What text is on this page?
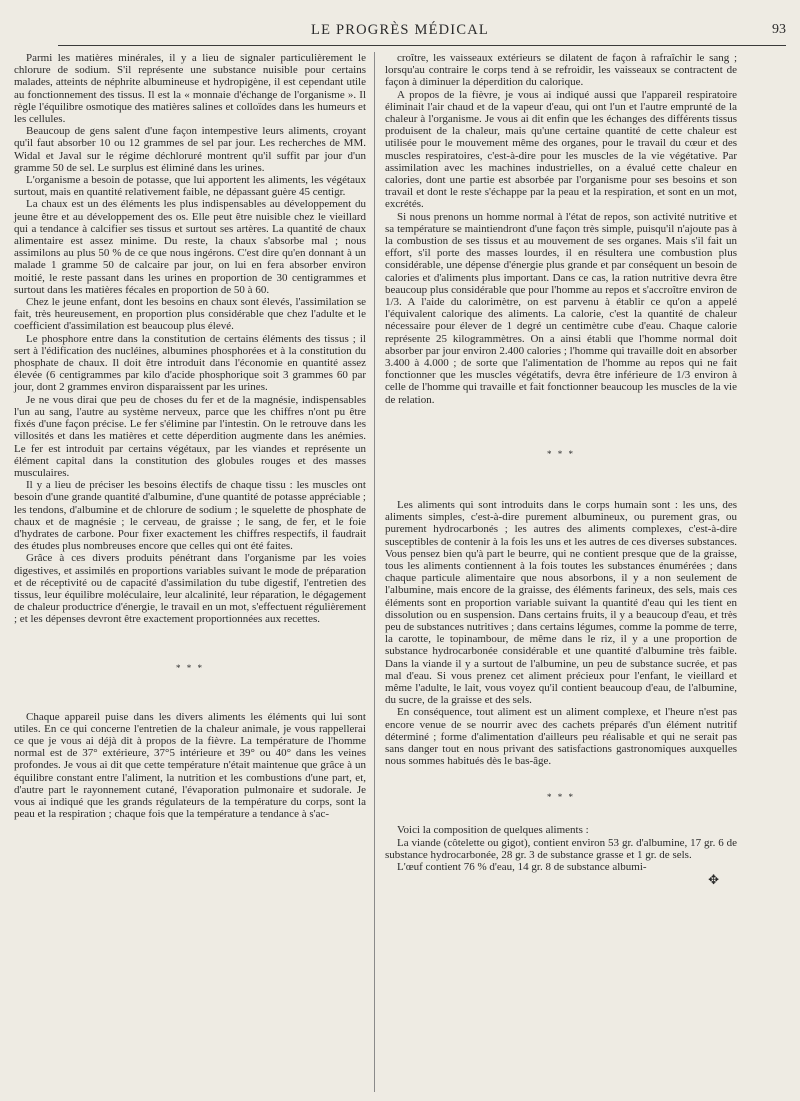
LE PROGRÈS MÉDICAL	93

Parmi les matières minérales, il y a lieu de signaler particulièrement le chlorure de sodium. S'il représente une substance nuisible pour certains malades, atteints de néphrite albumineuse et hydropigène, il est cependant utile au fonctionnement des tissus. Il est la « monnaie d'échange de l'organisme ». Il règle l'équilibre osmotique des matières salines et colloïdes dans les humeurs et les cellules.

Beaucoup de gens salent d'une façon intempestive leurs aliments, croyant qu'il faut absorber 10 ou 12 grammes de sel par jour. Les recherches de MM. Widal et Javal sur le régime déchloruré montrent qu'il suffit par jour d'un gramme 50 de sel. Le surplus est éliminé dans les urines.

L'organisme a besoin de potasse, que lui apportent les aliments, les végétaux surtout, mais en quantité relativement faible, ne dépassant guère 45 centigr.

La chaux est un des éléments les plus indispensables au développement du jeune être et au développement des os. Elle peut être nuisible chez le vieillard qui a tendance à calcifier ses tissus et surtout ses artères. La quantité de chaux alimentaire est assez minime. Du reste, la chaux s'absorbe mal ; nous assimilons au plus 50 % de ce que nous ingérons. C'est dire qu'en donnant à un malade 1 gramme 50 de calcaire par jour, on lui en fera absorber environ moitié, le reste passant dans les urines en proportion de 30 centigrammes et surtout dans les matières fécales en proportion de 50 à 60.

Chez le jeune enfant, dont les besoins en chaux sont élevés, l'assimilation se fait, très heureusement, en proportion plus considérable que chez l'adulte et le coefficient d'assimilation est beaucoup plus élevé.

Le phosphore entre dans la constitution de certains éléments des tissus ; il sert à l'édification des nucléines, albumines phosphorées et à la constitution du phosphate de chaux. Il doit être introduit dans l'économie en quantité assez élevée (6 centigrammes par kilo d'acide phosphorique soit 3 grammes 60 par jour, dont 2 grammes environ disparaissent par les urines.

Je ne vous dirai que peu de choses du fer et de la magnésie, indispensables l'un au sang, l'autre au système nerveux, parce que les chiffres n'ont pu être fixés d'une façon précise. Le fer s'élimine par l'intestin. On le retrouve dans les villosités et dans les matières et cette déperdition augmente dans les anémies. Le fer est introduit par certains végétaux, par les viandes et représente un élément capital dans la constitution des globules rouges et des masses musculaires.

Il y a lieu de préciser les besoins électifs de chaque tissu : les muscles ont besoin d'une grande quantité d'albumine, d'une quantité de potasse appréciable ; les tendons, d'albumine et de chlorure de sodium ; le squelette de phosphate de chaux et de magnésie ; le cerveau, de graisse ; le sang, de fer, et le foie d'hydrates de carbone. Pour fixer exactement les chiffres respectifs, il faudrait des études plus nombreuses encore que celles qui ont été faites.

Grâce à ces divers produits pénétrant dans l'organisme par les voies digestives, et assimilés en proportions variables suivant le mode de préparation et de réceptivité ou de capacité d'assimilation du tube digestif, l'entretien des tissus, leur équilibre moléculaire, leur alcalinité, leur réparation, le dégagement de chaleur productrice d'énergie, le travail en un mot, s'effectuent régulièrement ; et les dépenses devront être exactement proportionnées aux recettes.

* * *

Chaque appareil puise dans les divers aliments les éléments qui lui sont utiles. En ce qui concerne l'entretien de la chaleur animale, je vous rappellerai ce que je vous ai déjà dit à propos de la fièvre. La température de l'homme normal est de 37° extérieure, 37°5 intérieure et 39° ou 40° dans les veines profondes. Je vous ai dit que cette température n'était maintenue que grâce à un équilibre constant entre l'aliment, la nutrition et les combustions d'une part, et, d'autre part le rayonnement cutané, l'évaporation pulmonaire et sudorale. Je vous ai indiqué que les grands régulateurs de la température du corps, sont la peau et la respiration ; chaque fois que la température a tendance à s'ac-

croître, les vaisseaux extérieurs se dilatent de façon à rafraîchir le sang ; lorsqu'au contraire le corps tend à se refroidir, les vaisseaux se contractent de façon à diminuer la déperdition du calorique.

A propos de la fièvre, je vous ai indiqué aussi que l'appareil respiratoire éliminait l'air chaud et de la vapeur d'eau, qui ont l'un et l'autre emprunté de la chaleur à l'organisme. Je vous ai dit enfin que les échanges des différents tissus produisent de la chaleur, mais qu'une certaine quantité de cette chaleur est utilisée pour le mouvement même des organes, pour le travail du cœur et des muscles respiratoires, c'est-à-dire pour les muscles de la vie végétative. Par assimilation avec les machines industrielles, on a évalué cette chaleur en calories, dont une partie est absorbée par l'organisme pour ses besoins et son travail et dont le reste s'échappe par la peau et la respiration, et sont en un mot, excrétés.

Si nous prenons un homme normal à l'état de repos, son activité nutritive et sa température se maintiendront d'une façon très simple, puisqu'il n'ajoute pas à la combustion de ses tissus et au mouvement de ses organes. Mais s'il fait un effort, s'il porte des masses lourdes, il en résultera une combustion plus considérable, une dépense d'énergie plus grande et par conséquent un besoin de calories et d'aliments plus important. Dans ce cas, la ration nutritive devra être beaucoup plus considérable que pour l'homme au repos et s'accroître environ de 1/3. A l'aide du calorimètre, on est parvenu à établir ce qu'on a appelé l'équivalent calorique des aliments. La calorie, c'est la quantité de chaleur nécessaire pour élever de 1 degré un centimètre cube d'eau. Chaque calorie représente 25 kilogrammètres. On a ainsi établi que l'homme normal doit absorber par jour environ 2.400 calories ; l'homme qui travaille doit en absorber 3.400 à 4.000 ; de sorte que l'alimentation de l'homme au repos qui ne fait fonctionner que les muscles végétatifs, devra être inférieure de 1/3 environ à celle de l'homme qui travaille et fait fonctionner beaucoup les muscles de la vie de relation.

* * *

Les aliments qui sont introduits dans le corps humain sont : les uns, des aliments simples, c'est-à-dire purement albumineux, ou purement gras, ou purement hydrocarbonés ; les autres des aliments complexes, c'est-à-dire susceptibles de contenir à la fois les uns et les autres de ces diverses substances. Vous pensez bien qu'à part le beurre, qui ne contient presque que de la graisse, tous les aliments contiennent à la fois toutes les substances énumérées ; dans chaque particule alimentaire que nous absorbons, il y a non seulement de l'albumine, mais encore de la graisse, des éléments farineux, des sels, mais ces éléments sont en proportion variable suivant la quantité d'eau qui les tient en dissolution ou en suspension. Dans certains fruits, il y a beaucoup d'eau, et très peu de substances nutritives ; dans certains légumes, comme la pomme de terre, la carotte, le topinambour, de même dans le riz, il y a une proportion de substance hydrocarbonée considérable et une quantité d'albumine très faible. Dans la viande il y a surtout de l'albumine, un peu de substance sucrée, et pas mal d'eau. Si vous prenez cet aliment précieux pour l'enfant, le vieillard et même l'adulte, le lait, vous voyez qu'il contient beaucoup d'eau, de l'albumine, du sucre, de la graisse et des sels.

En conséquence, tout aliment est un aliment complexe, et l'heure n'est pas encore venue de se nourrir avec des cachets préparés d'un élément nutritif déterminé ; forme d'alimentation d'ailleurs peu réalisable et qui ne serait pas sans danger tout en nous privant des satisfactions gastronomiques auxquelles nous sommes habitués dès le bas-âge.

* * *

Voici la composition de quelques aliments :

La viande (côtelette ou gigot), contient environ 53 gr. d'albumine, 17 gr. 6 de substance hydrocarbonée, 28 gr. 3 de substance grasse et 1 gr. de sels.

L'œuf contient 76 % d'eau, 14 gr. 8 de substance albumi-

✥
